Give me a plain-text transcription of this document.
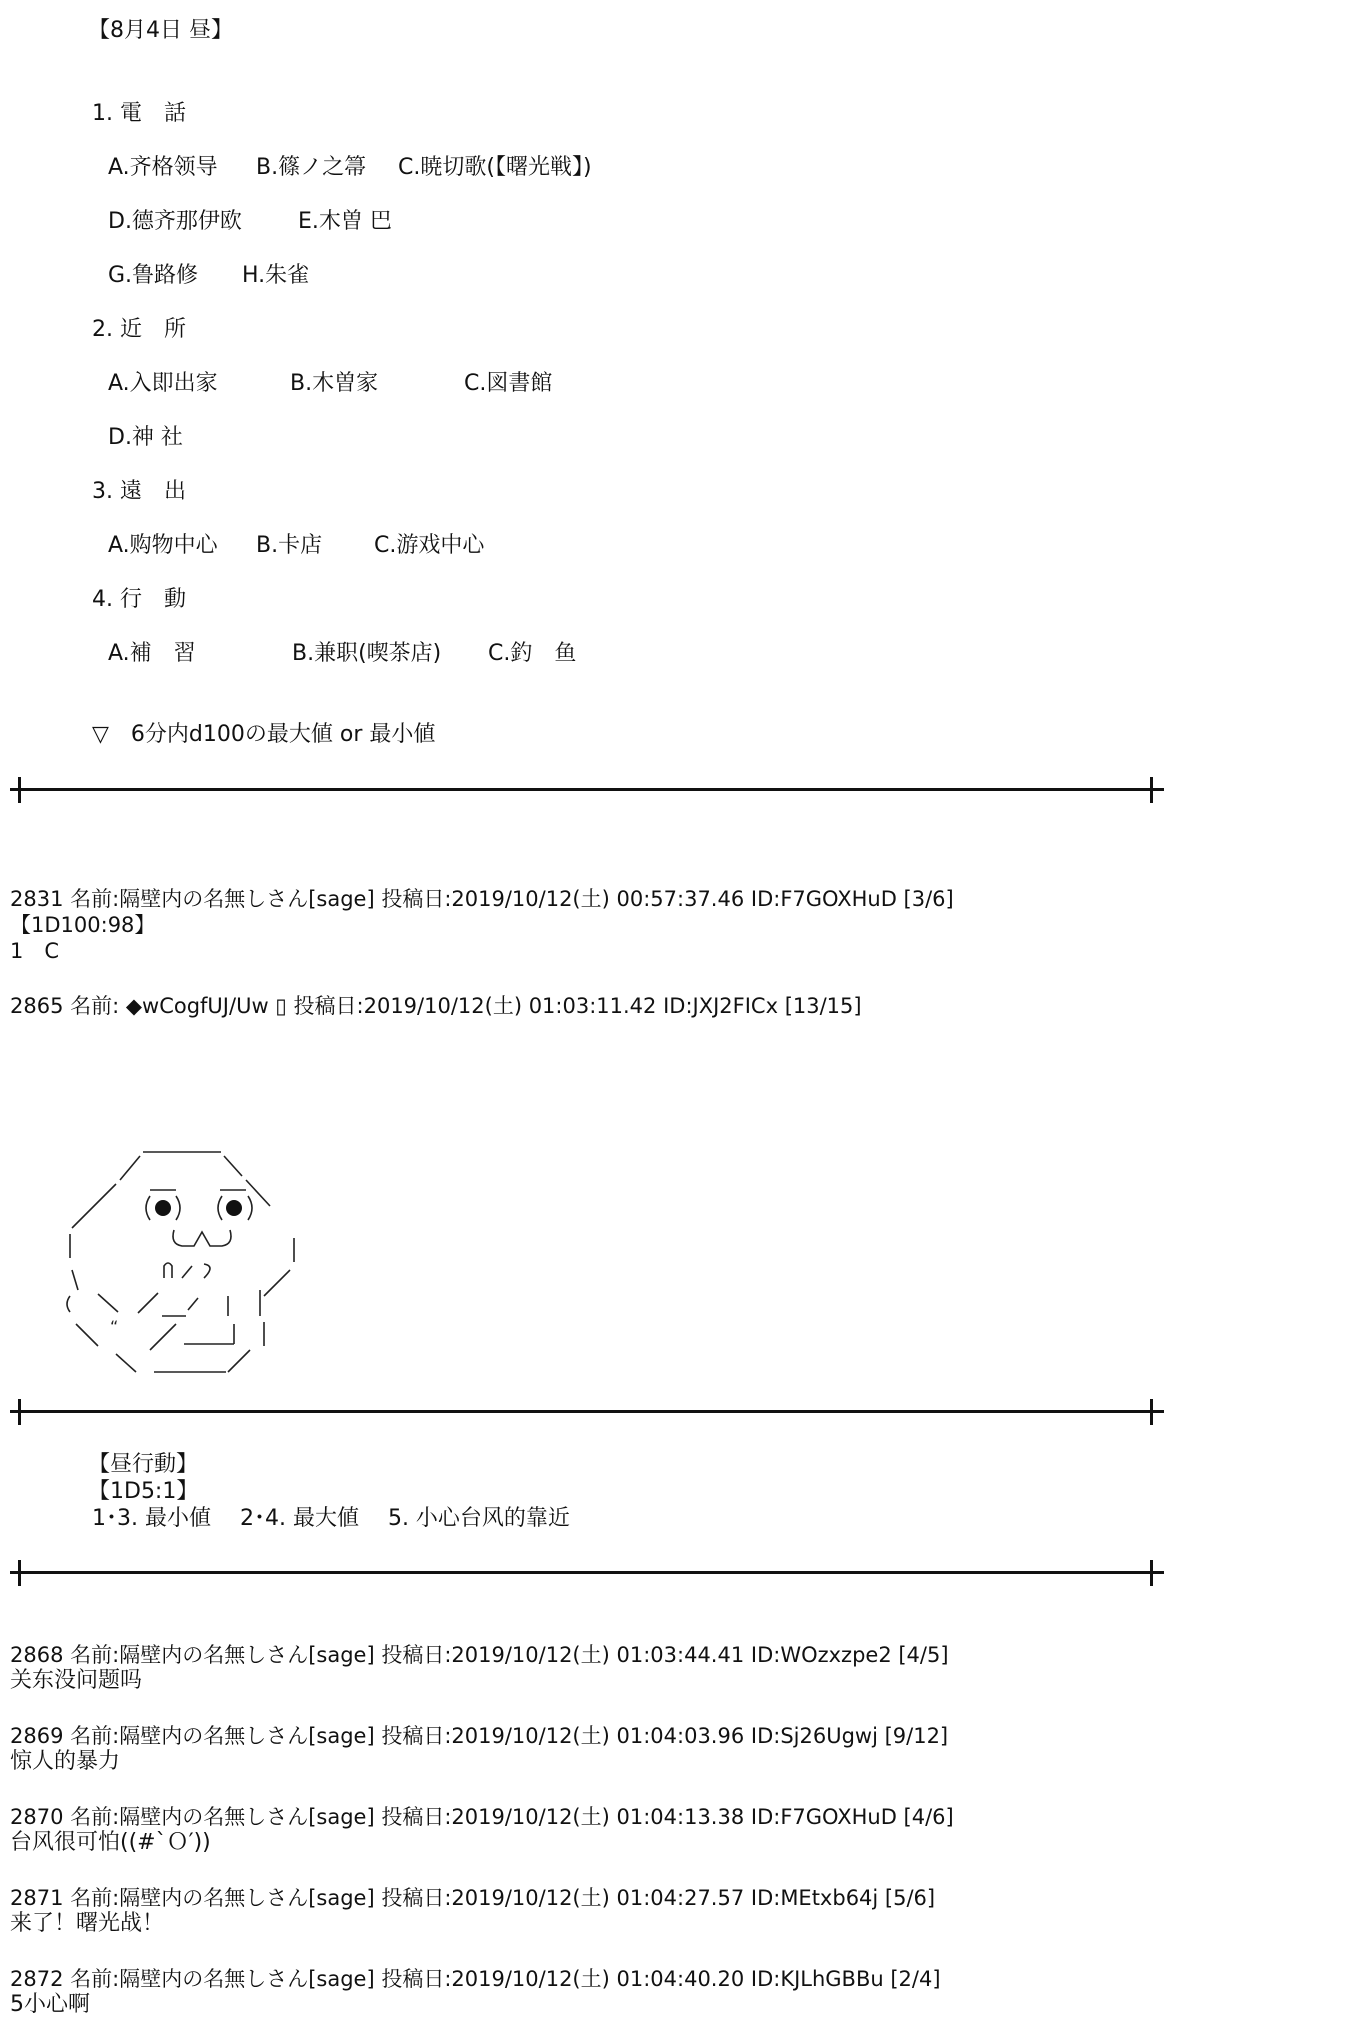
【8月4日 昼】
1. 電　話
A.齐格领导 B.篠ノ之箒 C.暁切歌(【曙光戦】)
D.德齐那伊欧	E.木曽 巴
G.鲁路修 H.朱雀
2. 近　所
A.入即出家	B.木曽家	C.図書館
D.神 社
3. 遠　出
A.购物中心 B.卡店 C.游戏中心
4. 行　動
A.補　習	B.兼职(喫茶店) C.釣　鱼
▽　6分内d100の最大値 or 最小値
2831 名前:隔壁内の名無しさん[sage] 投稿日:2019/10/12(土) 00:57:37.46 ID:F7GOXHuD [3/6]
【1D100:98】
1　C
2865 名前: ◆wCogfUJ/Uw ▯ 投稿日:2019/10/12(土) 01:03:11.42 ID:JXJ2FICx [13/15]
“
【昼行動】
【1D5:1】
1･3. 最小値　 2･4. 最大値　 5. 小心台风的靠近
2868 名前:隔壁内の名無しさん[sage] 投稿日:2019/10/12(土) 01:03:44.41 ID:WOzxzpe2 [4/5]
关东没问题吗
2869 名前:隔壁内の名無しさん[sage] 投稿日:2019/10/12(土) 01:04:03.96 ID:Sj26Ugwj [9/12]
惊人的暴力
2870 名前:隔壁内の名無しさん[sage] 投稿日:2019/10/12(土) 01:04:13.38 ID:F7GOXHuD [4/6]
台风很可怕((#`Ｏ′))
2871 名前:隔壁内の名無しさん[sage] 投稿日:2019/10/12(土) 01:04:27.57 ID:MEtxb64j [5/6]
来了！曙光战！
2872 名前:隔壁内の名無しさん[sage] 投稿日:2019/10/12(土) 01:04:40.20 ID:KJLhGBBu [2/4]
5小心啊
